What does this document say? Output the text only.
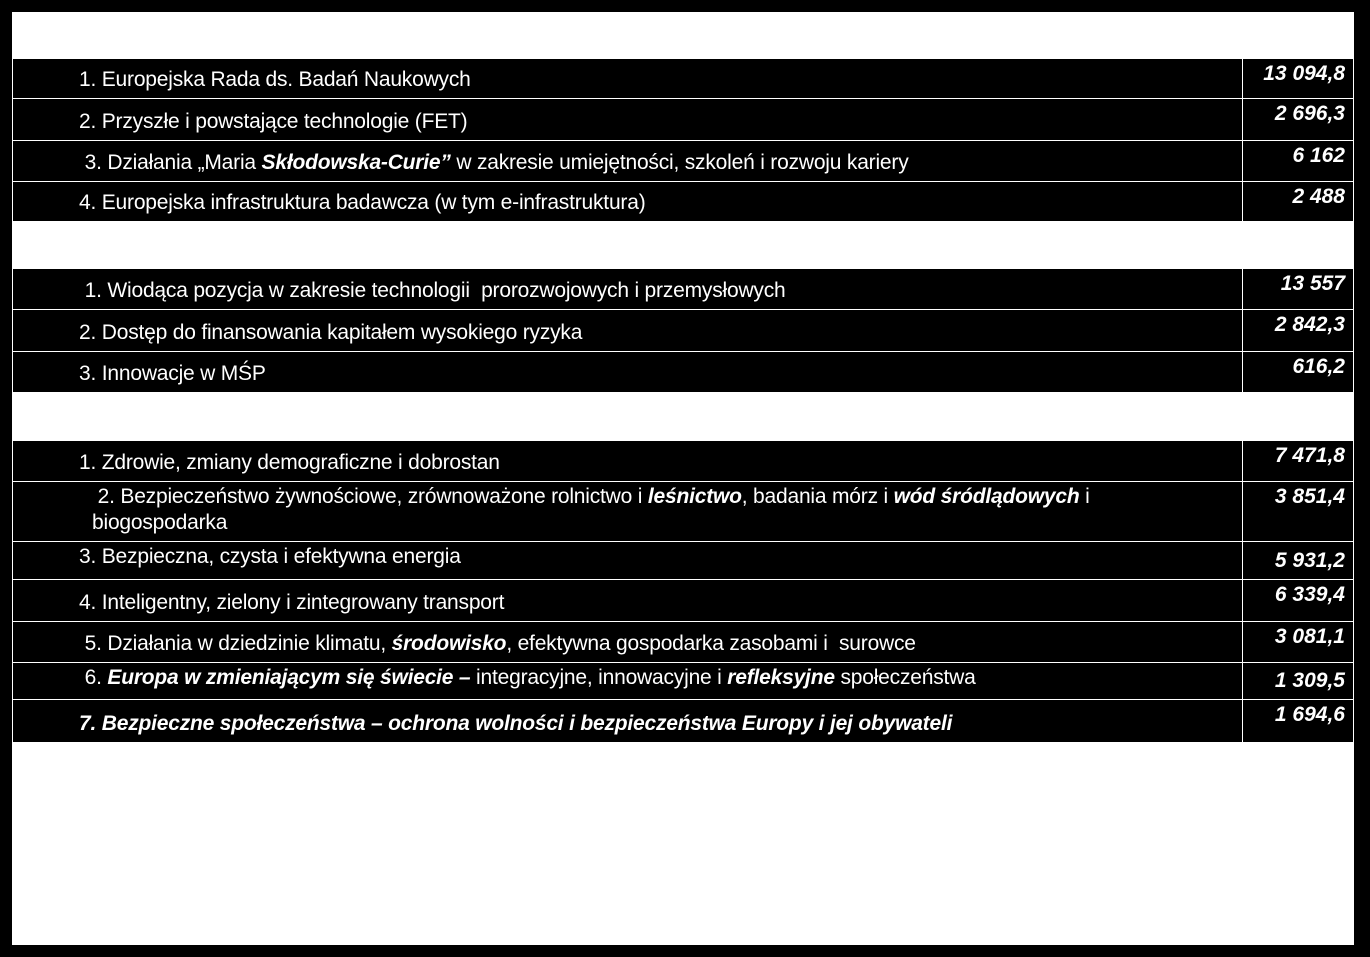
1. Europejska Rada ds. Badań Naukowych	13 094,8
2. Przyszłe i powstające technologie (FET)	2 696,3
3. Działania „Maria Skłodowska-Curie” w zakresie umiejętności, szkoleń i rozwoju kariery	6 162
4. Europejska infrastruktura badawcza (w tym e-infrastruktura)	2 488
1. Wiodąca pozycja w zakresie technologii  prorozwojowych i przemysłowych	13 557
2. Dostęp do finansowania kapitałem wysokiego ryzyka	2 842,3
3. Innowacje w MŚP	616,2
1. Zdrowie, zmiany demograficzne i dobrostan	7 471,8
2. Bezpieczeństwo żywnościowe, zrównoważone rolnictwo i leśnictwo, badania mórz i wód śródlądowych i biogospodarka	3 851,4
3. Bezpieczna, czysta i efektywna energia	5 931,2
4. Inteligentny, zielony i zintegrowany transport	6 339,4
5. Działania w dziedzinie klimatu, środowisko, efektywna gospodarka zasobami i  surowce	3 081,1
6. Europa w zmieniającym się świecie – integracyjne, innowacyjne i refleksyjne społeczeństwa	1 309,5
7. Bezpieczne społeczeństwa – ochrona wolności i bezpieczeństwa Europy i jej obywateli	1 694,6
